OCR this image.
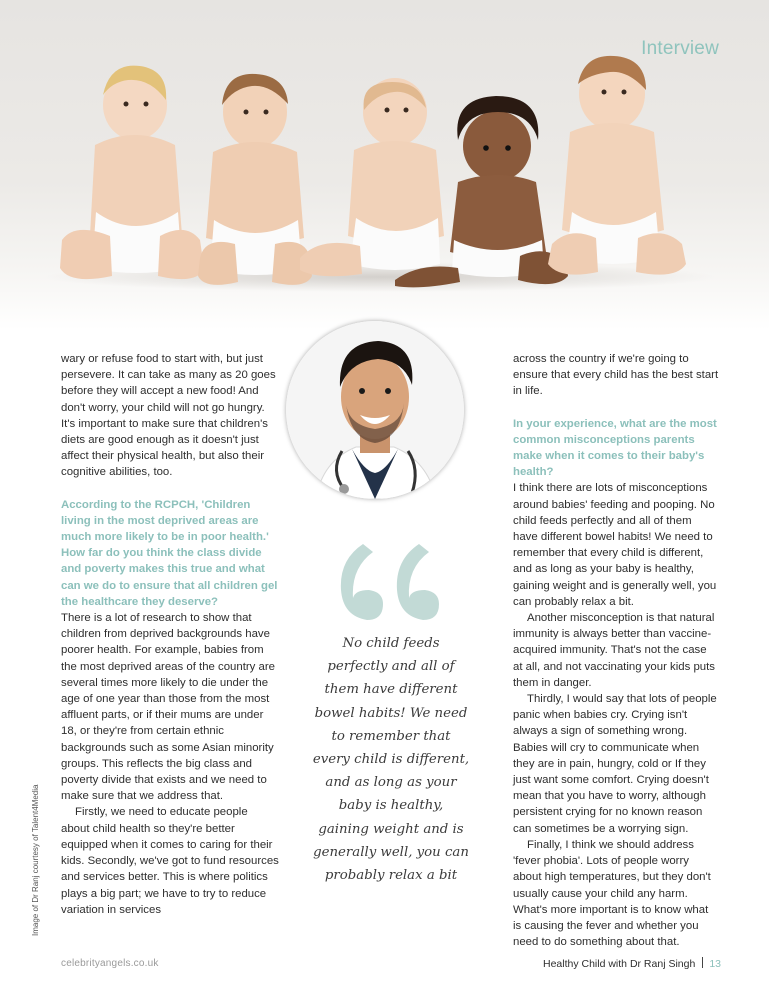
Interview

wary or refuse food to start with, but just persevere. It can take as many as 20 goes before they will accept a new food! And don't worry, your child will not go hungry. It's important to make sure that children's diets are good enough as it doesn't just affect their physical health, but also their cognitive abilities, too.

According to the RCPCH, 'Children living in the most deprived areas are much more likely to be in poor health.' How far do you think the class divide and poverty makes this true and what can we do to ensure that all children gel the healthcare they deserve?

There is a lot of research to show that children from deprived backgrounds have poorer health. For example, babies from the most deprived areas of the country are several times more likely to die under the age of one year than those from the most affluent parts, or if their mums are under 18, or they're from certain ethnic backgrounds such as some Asian minority groups. This reflects the big class and poverty divide that exists and we need to make sure that we address that.

Firstly, we need to educate people about child health so they're better equipped when it comes to caring for their kids. Secondly, we've got to fund resources and services better. This is where politics plays a big part; we have to try to reduce variation in services

No child feeds perfectly and all of them have different bowel habits! We need to remember that every child is different, and as long as your baby is healthy, gaining weight and is generally well, you can probably relax a bit

across the country if we're going to ensure that every child has the best start in life.

In your experience, what are the most common misconceptions parents make when it comes to their baby's health?

I think there are lots of misconceptions around babies' feeding and pooping. No child feeds perfectly and all of them have different bowel habits! We need to remember that every child is different, and as long as your baby is healthy, gaining weight and is generally well, you can probably relax a bit.

Another misconception is that natural immunity is always better than vaccine-acquired immunity. That's not the case at all, and not vaccinating your kids puts them in danger.

Thirdly, I would say that lots of people panic when babies cry. Crying isn't always a sign of something wrong. Babies will cry to communicate when they are in pain, hungry, cold or If they just want some comfort. Crying doesn't mean that you have to worry, although persistent crying for no known reason can sometimes be a worrying sign.

Finally, I think we should address 'fever phobia'. Lots of people worry about high temperatures, but they don't usually cause your child any harm. What's more important is to know what is causing the fever and whether you need to do something about that.

Image of Dr Ranj courtesy of Talent4Media
celebrityangels.co.uk	Healthy Child with Dr Ranj Singh 13
